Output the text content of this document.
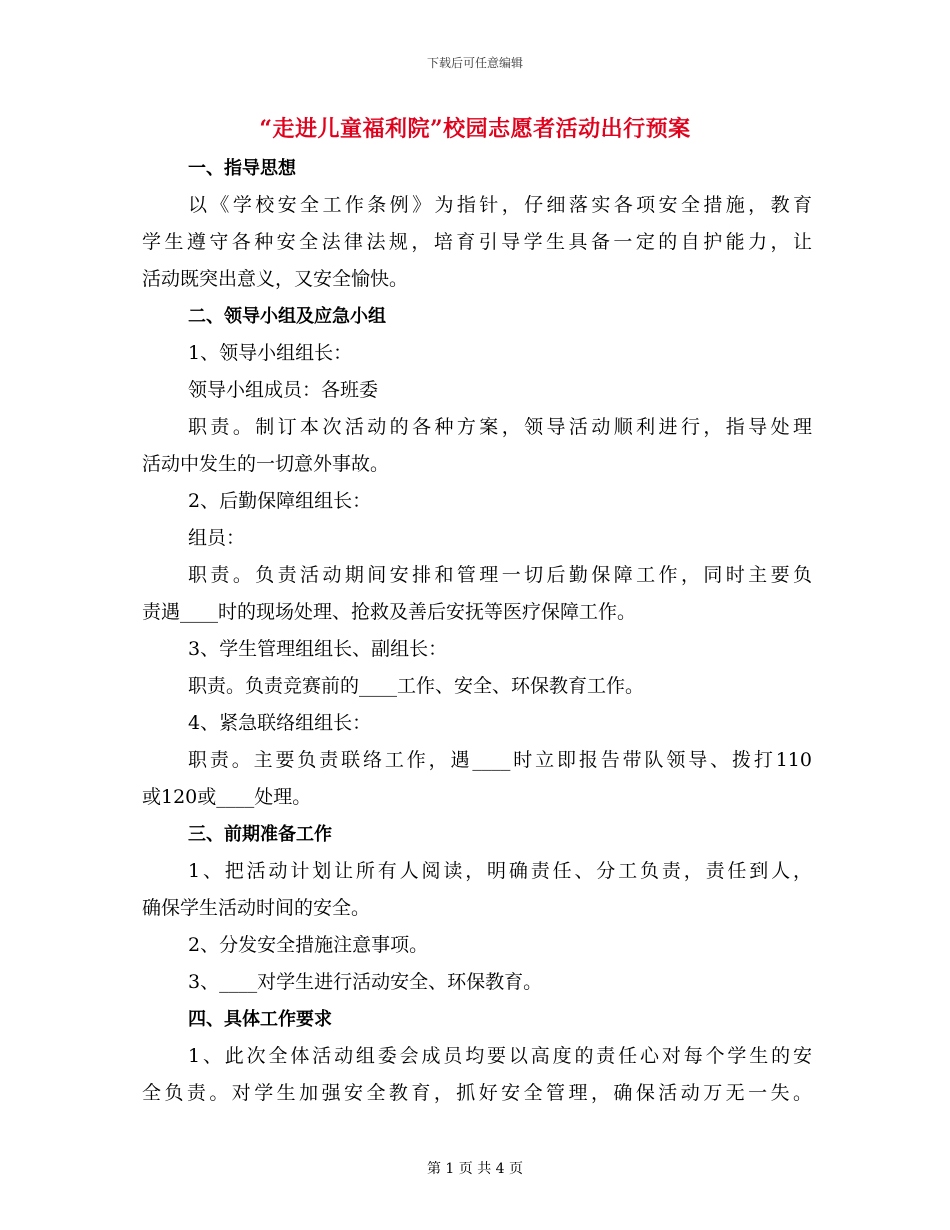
下载后可任意编辑
“走进儿童福利院”校园志愿者活动出行预案
一、指导思想
以《学校安全工作条例》为指针，仔细落实各项安全措施，教育
学生遵守各种安全法律法规，培育引导学生具备一定的自护能力，让
活动既突出意义，又安全愉快。
二、领导小组及应急小组
1、领导小组组长：
领导小组成员：各班委
职责。制订本次活动的各种方案，领导活动顺利进行，指导处理
活动中发生的一切意外事故。
2、后勤保障组组长：
组员：
职责。负责活动期间安排和管理一切后勤保障工作，同时主要负
责遇____时的现场处理、抢救及善后安抚等医疗保障工作。
3、学生管理组组长、副组长：
职责。负责竞赛前的____工作、安全、环保教育工作。
4、紧急联络组组长：
职责。主要负责联络工作，遇____时立即报告带队领导、拨打110
或120或____处理。
三、前期准备工作
1、把活动计划让所有人阅读，明确责任、分工负责，责任到人，
确保学生活动时间的安全。
2、分发安全措施注意事项。
3、____对学生进行活动安全、环保教育。
四、具体工作要求
1、此次全体活动组委会成员均要以高度的责任心对每个学生的安
全负责。对学生加强安全教育，抓好安全管理，确保活动万无一失。
第 1 页 共 4 页
